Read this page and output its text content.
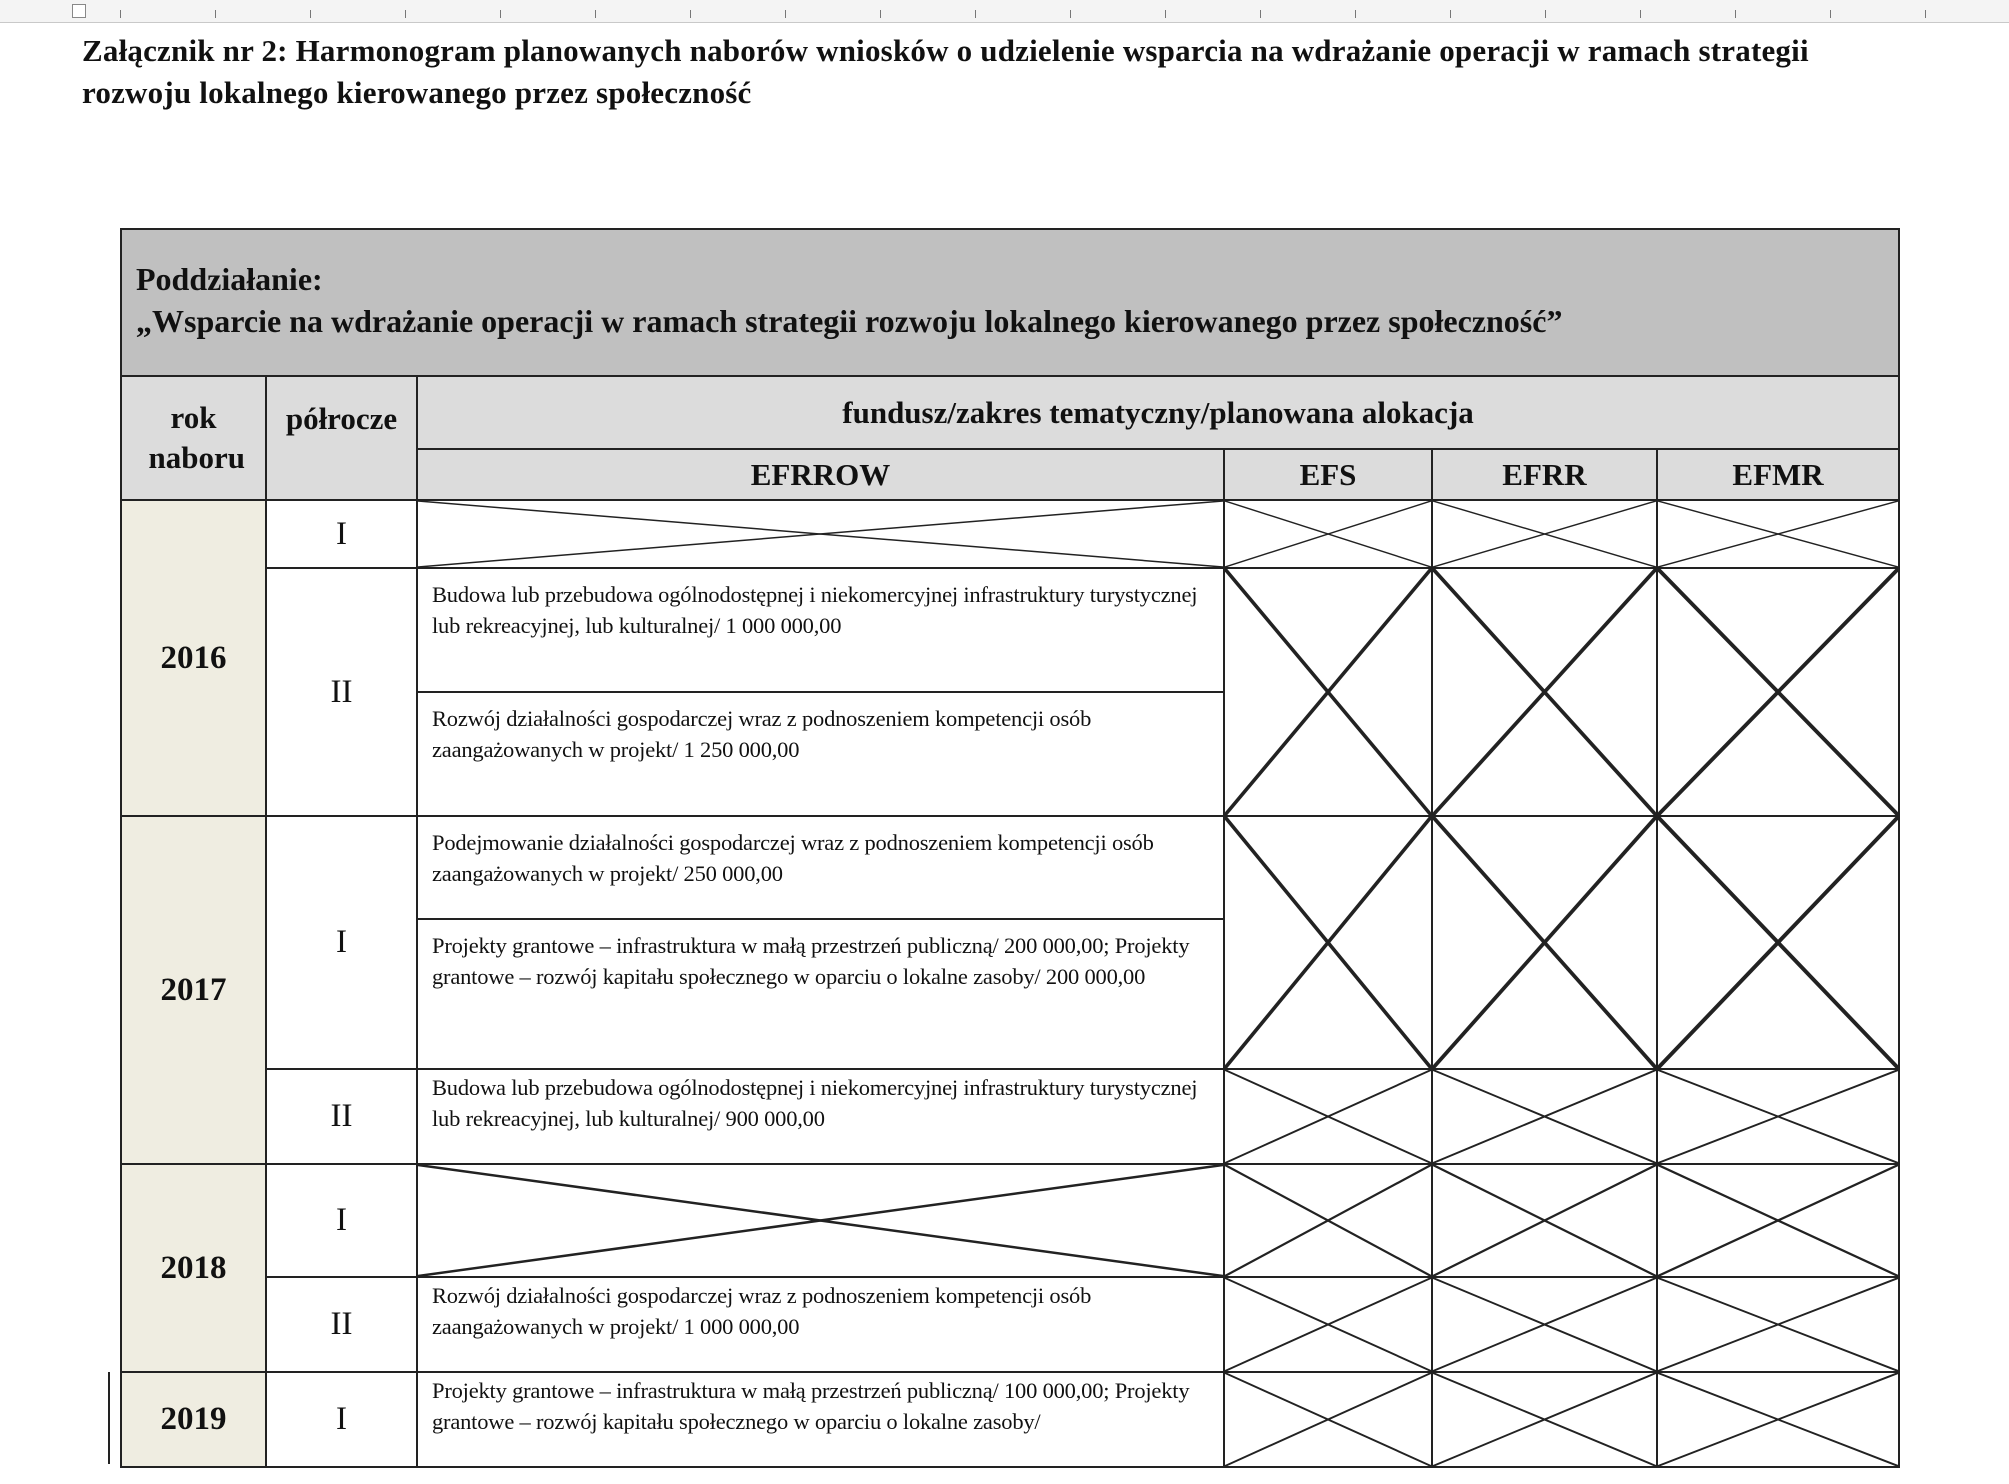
Załącznik nr 2: Harmonogram planowanych naborów wniosków o udzielenie wsparcia na wdrażanie operacji w ramach strategii rozwoju lokalnego kierowanego przez społeczność
Poddziałanie:
„Wsparcie na wdrażanie operacji w ramach strategii rozwoju lokalnego kierowanego przez społeczność”					

rok naboru	półrocze	fundusz/zakres tematyczny/planowana alokacja			
		EFRROW	EFS	EFRR	EFMR
2016	I	

	II	Budowa lub przebudowa ogólnodostępnej i niekomercyjnej infrastruktury turystycznej lub rekreacyjnej, lub kulturalnej/ 1 000 000,00	

		Rozwój działalności gospodarczej wraz z podnoszeniem kompetencji osób zaangażowanych w projekt/ 1 250 000,00			
2017	I	Podejmowanie działalności gospodarczej wraz z podnoszeniem kompetencji osób zaangażowanych w projekt/ 250 000,00	

		Projekty grantowe – infrastruktura w małą przestrzeń publiczną/ 200 000,00; Projekty grantowe – rozwój kapitału społecznego w oparciu o lokalne zasoby/ 200 000,00			
	II	Budowa lub przebudowa ogólnodostępnej i niekomercyjnej infrastruktury turystycznej lub rekreacyjnej, lub kulturalnej/ 900 000,00	

2018	I	

	II	Rozwój działalności gospodarczej wraz z podnoszeniem kompetencji osób zaangażowanych w projekt/ 1 000 000,00	

2019	I	Projekty grantowe – infrastruktura w małą przestrzeń publiczną/ 100 000,00; Projekty grantowe – rozwój kapitału społecznego w oparciu o lokalne zasoby/	
